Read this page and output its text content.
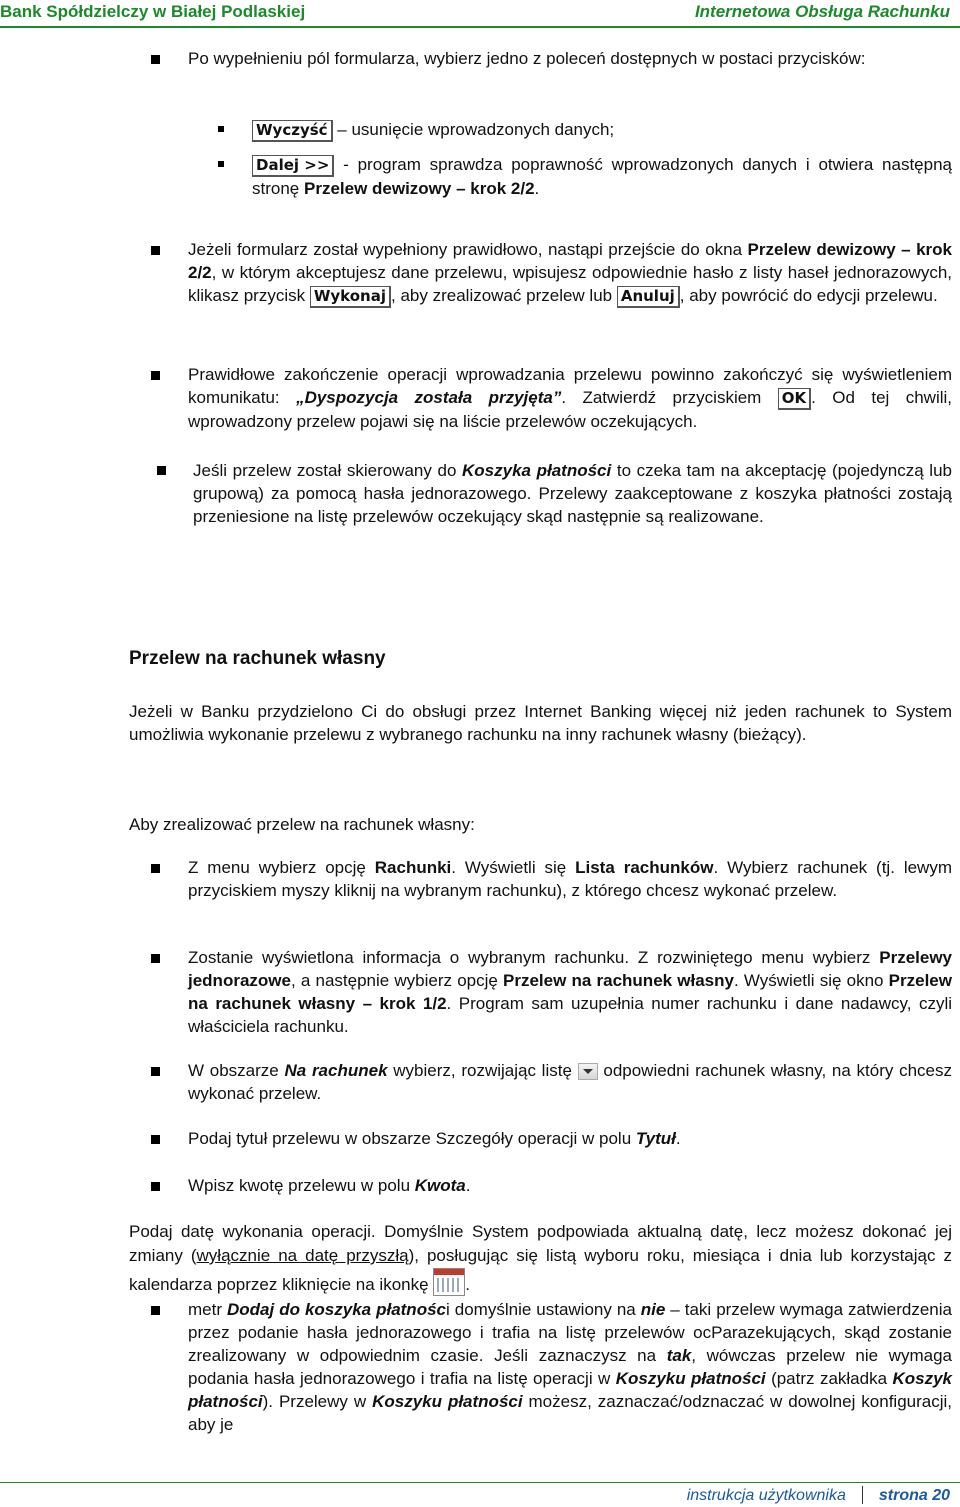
Bank Spółdzielczy w Białej Podlaskiej	Internetowa Obsługa Rachunku
Po wypełnieniu pól formularza, wybierz jedno z poleceń dostępnych w postaci przycisków:
Wyczyść – usunięcie wprowadzonych danych;
Dalej >> - program sprawdza poprawność wprowadzonych danych i otwiera następną stronę Przelew dewizowy – krok 2/2.
Jeżeli formularz został wypełniony prawidłowo, nastąpi przejście do okna Przelew dewizowy – krok 2/2, w którym akceptujesz dane przelewu, wpisujesz odpowiednie hasło z listy haseł jednorazowych, klikasz przycisk Wykonaj , aby zrealizować przelew lub Anuluj , aby powrócić do edycji przelewu.
Prawidłowe zakończenie operacji wprowadzania przelewu powinno zakończyć się wyświetleniem komunikatu: „Dyspozycja została przyjęta”. Zatwierdź przyciskiem OK . Od tej chwili, wprowadzony przelew pojawi się na liście przelewów oczekujących.
Jeśli przelew został skierowany do Koszyka płatności to czeka tam na akceptację (pojedynczą lub grupową) za pomocą hasła jednorazowego. Przelewy zaakceptowane z koszyka płatności zostają przeniesione na listę przelewów oczekujący skąd następnie są realizowane.
Przelew na rachunek własny
Jeżeli w Banku przydzielono Ci do obsługi przez Internet Banking więcej niż jeden rachunek to System umożliwia wykonanie przelewu z wybranego rachunku na inny rachunek własny (bieżący).
Aby zrealizować przelew na rachunek własny:
Z menu wybierz opcję Rachunki. Wyświetli się Lista rachunków. Wybierz rachunek (tj. lewym przyciskiem myszy kliknij na wybranym rachunku), z którego chcesz wykonać przelew.
Zostanie wyświetlona informacja o wybranym rachunku. Z rozwiniętego menu wybierz Przelewy jednorazowe, a następnie wybierz opcję Przelew na rachunek własny. Wyświetli się okno Przelew na rachunek własny – krok 1/2. Program sam uzupełnia numer rachunku i dane nadawcy, czyli właściciela rachunku.
W obszarze Na rachunek wybierz, rozwijając listę  odpowiedni rachunek własny, na który chcesz wykonać przelew.
Podaj tytuł przelewu w obszarze Szczegóły operacji w polu Tytuł.
Wpisz kwotę przelewu w polu Kwota.
Podaj datę wykonania operacji. Domyślnie System podpowiada aktualną datę, lecz możesz dokonać jej zmiany (wyłącznie na datę przyszłą), posługując się listą wyboru roku, miesiąca i dnia lub korzystając z kalendarza poprzez kliknięcie na ikonkę
.
metr Dodaj do koszyka płatności domyślnie ustawiony na nie – taki przelew wymaga zatwierdzenia przez podanie hasła jednorazowego i trafia na listę przelewów ocParazekujących, skąd zostanie zrealizowany w odpowiednim czasie. Jeśli zaznaczysz na tak, wówczas przelew nie wymaga podania hasła jednorazowego i trafia na listę operacji w Koszyku płatności (patrz zakładka Koszyk płatności). Przelewy w Koszyku płatności możesz, zaznaczać/odznaczać w dowolnej konfiguracji, aby je
instrukcja użytkownika strona 20
